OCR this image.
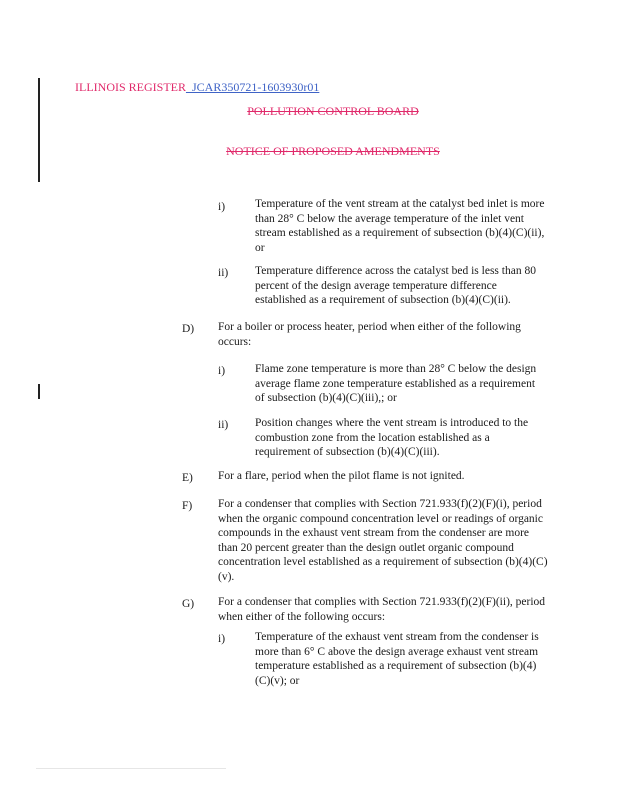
ILLINOIS REGISTER_JCAR350721-1603930r01
POLLUTION CONTROL BOARD
NOTICE OF PROPOSED AMENDMENTS
i)	Temperature of the vent stream at the catalyst bed inlet is more than 28° C below the average temperature of the inlet vent stream established as a requirement of subsection (b)(4)(C)(ii), or
ii) Temperature difference across the catalyst bed is less than 80 percent of the design average temperature difference established as a requirement of subsection (b)(4)(C)(ii).
D) For a boiler or process heater, period when either of the following occurs:
i)	Flame zone temperature is more than 28° C below the design average flame zone temperature established as a requirement of subsection (b)(4)(C)(iii),; or
ii) Position changes where the vent stream is introduced to the combustion zone from the location established as a requirement of subsection (b)(4)(C)(iii).
E) For a flare, period when the pilot flame is not ignited.
F) For a condenser that complies with Section 721.933(f)(2)(F)(i), period when the organic compound concentration level or readings of organic compounds in the exhaust vent stream from the condenser are more than 20 percent greater than the design outlet organic compound concentration level established as a requirement of subsection (b)(4)(C)(v).
G) For a condenser that complies with Section 721.933(f)(2)(F)(ii), period when either of the following occurs:
i)	Temperature of the exhaust vent stream from the condenser is more than 6° C above the design average exhaust vent stream temperature established as a requirement of subsection (b)(4)(C)(v); or
